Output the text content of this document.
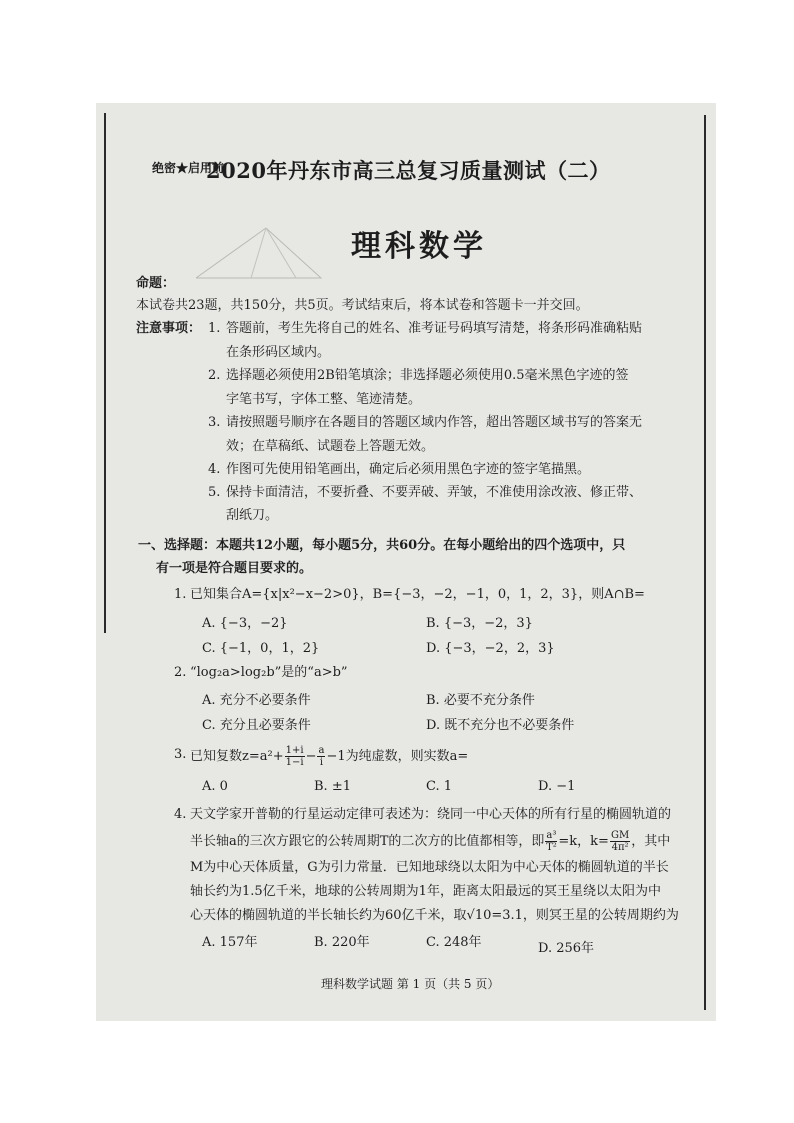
绝密★启用前
2020年丹东市高三总复习质量测试（二）
理科数学
命题：
本试卷共23题，共150分，共5页。考试结束后，将本试卷和答题卡一并交回。
注意事项： 1. 答题前，考生先将自己的姓名、准考证号码填写清楚，将条形码准确粘贴
在条形码区域内。
2. 选择题必须使用2B铅笔填涂；非选择题必须使用0.5毫米黑色字迹的签
字笔书写，字体工整、笔迹清楚。
3. 请按照题号顺序在各题目的答题区域内作答，超出答题区域书写的答案无
效；在草稿纸、试题卷上答题无效。
4. 作图可先使用铅笔画出，确定后必须用黑色字迹的签字笔描黑。
5. 保持卡面清洁，不要折叠、不要弄破、弄皱，不准使用涂改液、修正带、
刮纸刀。
一、选择题：本题共12小题，每小题5分，共60分。在每小题给出的四个选项中，只
有一项是符合题目要求的。
1. 已知集合A={x|x²−x−2>0}，B={−3，−2，−1，0，1，2，3}，则A∩B=
A. {−3，−2}	B. {−3，−2，3}
C. {−1，0，1，2}	D. {−3，−2，2，3}
2. “log₂a>log₂b”是的“a>b”
A. 充分不必要条件	B. 必要不充分条件
C. 充分且必要条件	D. 既不充分也不必要条件
3. 已知复数$z=a^2+ \frac{1+i}{1-i} - \frac{a}{i} -1$为纯虚数，则实数a=
A. 0	B. ±1	C. 1	D. −1
4. 天文学家开普勒的行星运动定律可表述为：绕同一中心天体的所有行星的椭圆轨道的
半长轴a的三次方跟它的公转周期T的二次方的比值都相等，即 $\frac{\text{a³}}{\text{T²}} =k$，$k= \frac{GM}{\text{4π²}}$ ，其中
M为中心天体质量，G为引力常量．已知地球绕以太阳为中心天体的椭圆轨道的半长
轴长约为1.5亿千米，地球的公转周期为1年，距离太阳最远的冥王星绕以太阳为中
心天体的椭圆轨道的半长轴长约为60亿千米，取√10=3.1，则冥王星的公转周期约为
A. 157年	B. 220年	C. 248年	D. 256年
理科数学试题 第 1 页（共 5 页）
